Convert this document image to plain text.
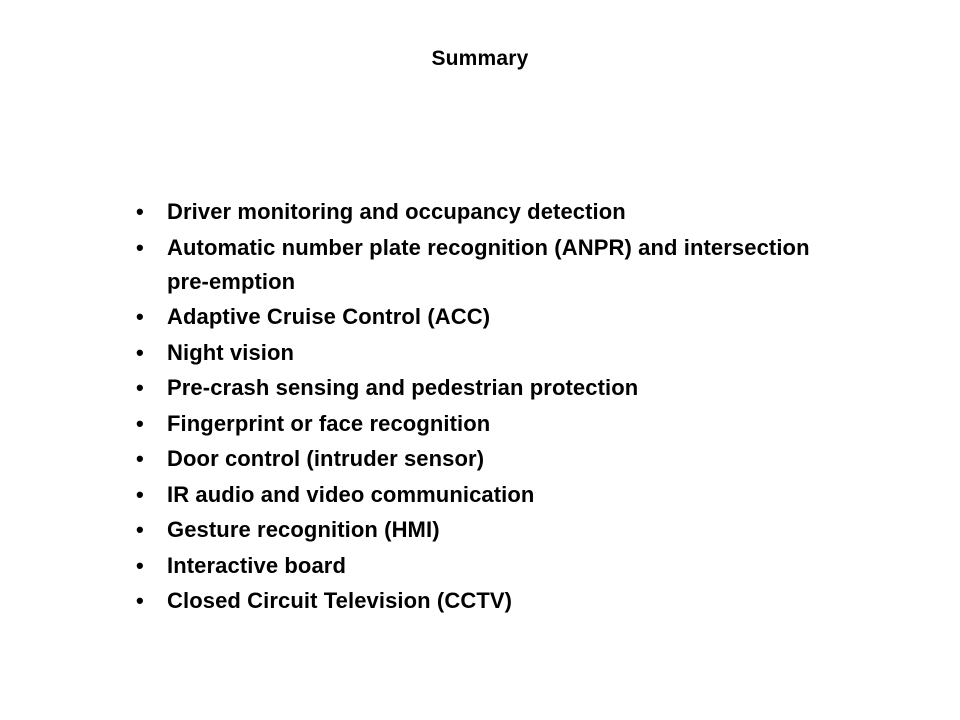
Summary
•	Driver monitoring and occupancy detection
•	Automatic number plate recognition (ANPR) and intersection pre-emption
•	Adaptive Cruise Control (ACC)
•	Night vision
•	Pre-crash sensing and pedestrian protection
•	Fingerprint or face recognition
•	Door control (intruder sensor)
•	IR audio and video communication
•	Gesture recognition (HMI)
•	Interactive board
•	Closed Circuit Television (CCTV)
